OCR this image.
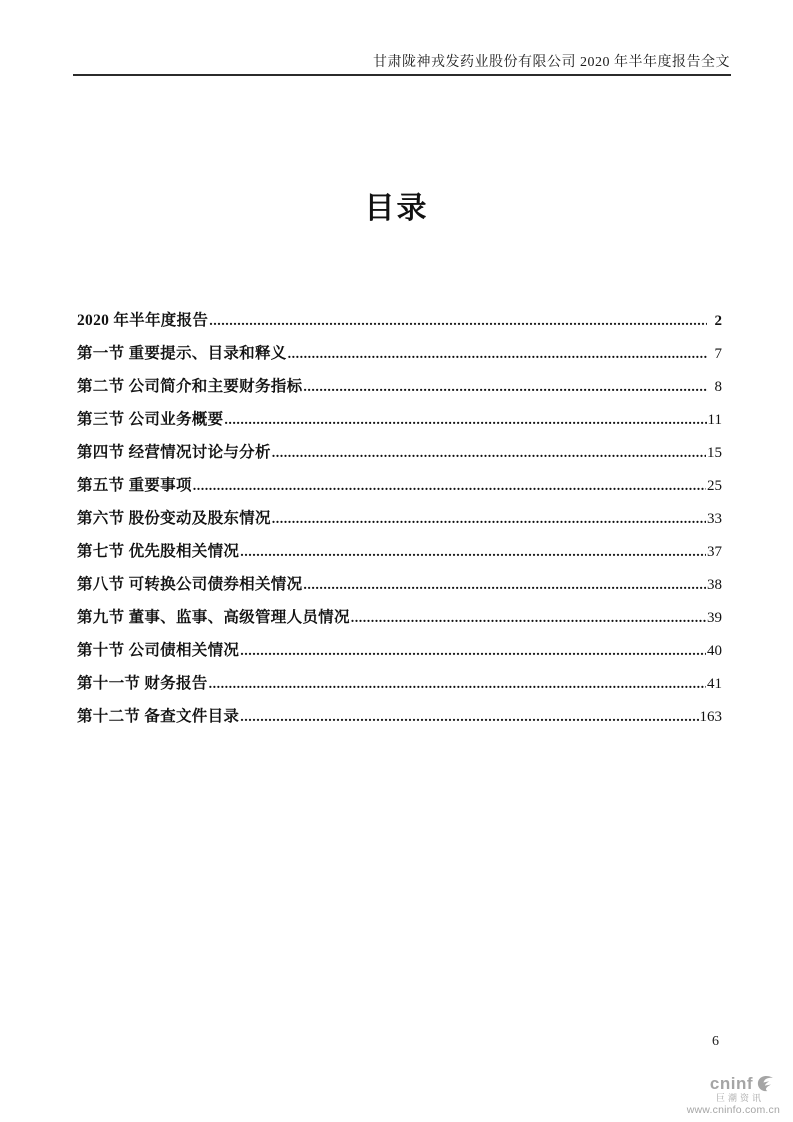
甘肃陇神戎发药业股份有限公司 2020 年半年度报告全文
目录
2020 年半年度报告 .....	2
第一节 重要提示、目录和释义 .....	7
第二节 公司简介和主要财务指标 .....	8
第三节 公司业务概要 .....	11
第四节 经营情况讨论与分析 .....	15
第五节 重要事项 .....	25
第六节 股份变动及股东情况 .....	33
第七节 优先股相关情况 .....	37
第八节 可转换公司债券相关情况 .....	38
第九节 董事、监事、高级管理人员情况 .....	39
第十节 公司债相关情况 .....	40
第十一节 财务报告 .....	41
第十二节 备查文件目录 .....	163
6
cninf
巨潮资讯
www.cninfo.com.cn
